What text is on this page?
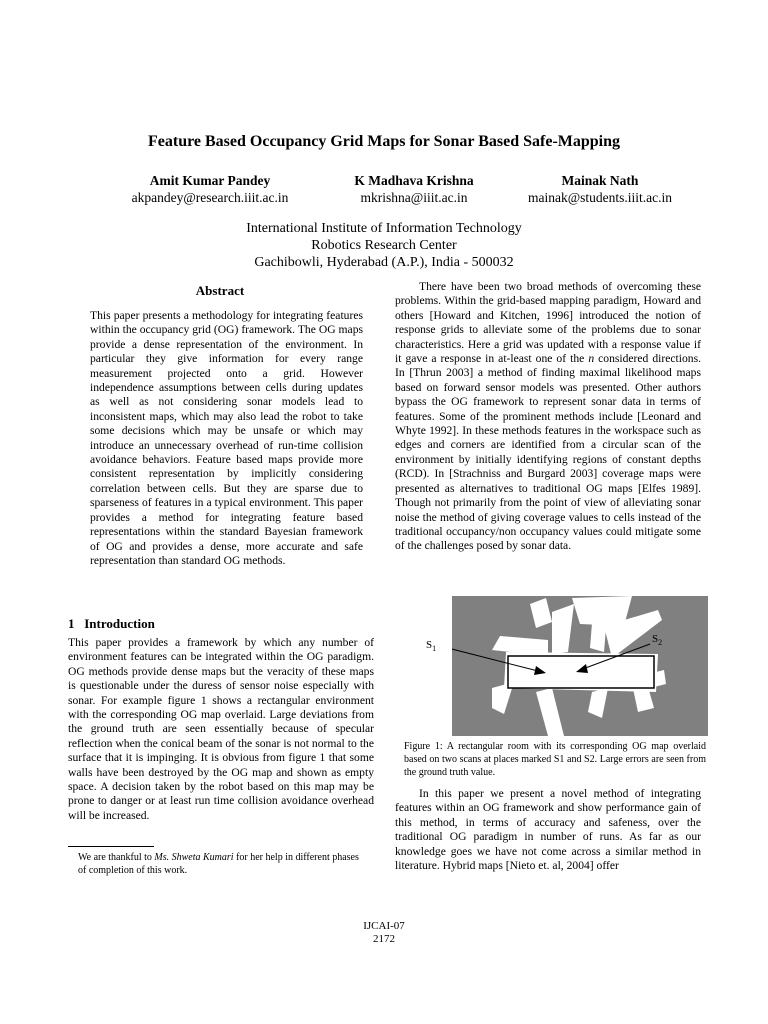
Feature Based Occupancy Grid Maps for Sonar Based Safe-Mapping
Amit Kumar Pandey
akpandey@research.iiit.ac.in
K Madhava Krishna
mkrishna@iiit.ac.in
Mainak Nath
mainak@students.iiit.ac.in
International Institute of Information Technology
Robotics Research Center
Gachibowli, Hyderabad (A.P.), India - 500032
Abstract

This paper presents a methodology for integrating features within the occupancy grid (OG) framework. The OG maps provide a dense representation of the environment. In particular they give information for every range measurement projected onto a grid. However independence assumptions between cells during updates as well as not considering sonar models lead to inconsistent maps, which may also lead the robot to take some decisions which may be unsafe or which may introduce an unnecessary overhead of run-time collision avoidance behaviors. Feature based maps provide more consistent representation by implicitly considering correlation between cells. But they are sparse due to sparseness of features in a typical environment. This paper provides a method for integrating feature based representations within the standard Bayesian framework of OG and provides a dense, more accurate and safe representation than standard OG methods.

1 Introduction

This paper provides a framework by which any number of environment features can be integrated within the OG paradigm. OG methods provide dense maps but the veracity of these maps is questionable under the duress of sensor noise especially with sonar. For example figure 1 shows a rectangular environment with the corresponding OG map overlaid. Large deviations from the ground truth are seen essentially because of specular reflection when the conical beam of the sonar is not normal to the surface that it is impinging. It is obvious from figure 1 that some walls have been destroyed by the OG map and shown as empty space. A decision taken by the robot based on this map may be prone to danger or at least run time collision avoidance overhead will be increased.

We are thankful to Ms. Shweta Kumari for her help in different phases of completion of this work.

There have been two broad methods of overcoming these problems. Within the grid-based mapping paradigm, Howard and others [Howard and Kitchen, 1996] introduced the notion of response grids to alleviate some of the problems due to sonar characteristics. Here a grid was updated with a response value if it gave a response in at-least one of the n considered directions. In [Thrun 2003] a method of finding maximal likelihood maps based on forward sensor models was presented. Other authors bypass the OG framework to represent sonar data in terms of features. Some of the prominent methods include [Leonard and Whyte 1992]. In these methods features in the workspace such as edges and corners are identified from a circular scan of the environment by initially identifying regions of constant depths (RCD). In [Strachniss and Burgard 2003] coverage maps were presented as alternatives to traditional OG maps [Elfes 1989]. Though not primarily from the point of view of alleviating sonar noise the method of giving coverage values to cells instead of the traditional occupancy/non occupancy values could mitigate some of the challenges posed by sonar data.

$S_1$
$S_2$
Figure 1: A rectangular room with its corresponding OG map overlaid based on two scans at places marked S1 and S2. Large errors are seen from the ground truth value.

In this paper we present a novel method of integrating features within an OG framework and show performance gain of this method, in terms of accuracy and safeness, over the traditional OG paradigm in number of runs. As far as our knowledge goes we have not come across a similar method in literature. Hybrid maps [Nieto et. al, 2004] offer

IJCAI-07
2172
